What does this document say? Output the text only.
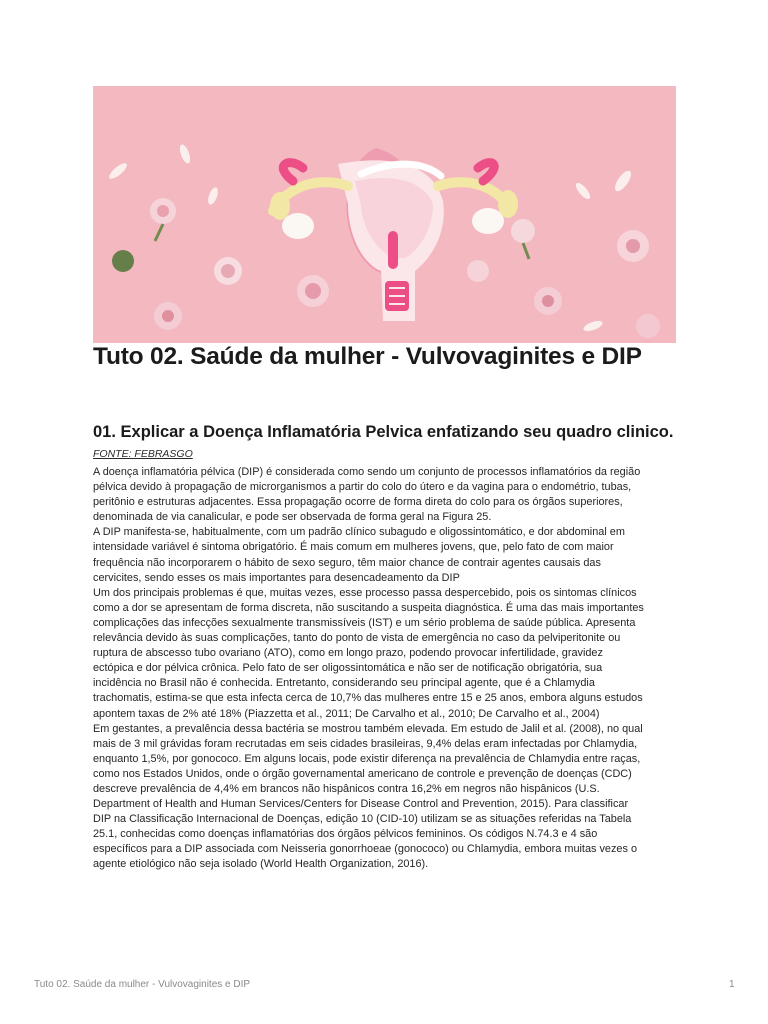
Tuto 02. Saúde da mulher - Vulvovaginites e DIP
01. Explicar a Doença Inflamatória Pelvica enfatizando seu quadro clinico.
FONTE: FEBRASGO
A doença inflamatória pélvica (DIP) é considerada como sendo um conjunto de processos inflamatórios da região
pélvica devido à propagação de microrganismos a partir do colo do útero e da vagina para o endométrio, tubas,
peritônio e estruturas adjacentes. Essa propagação ocorre de forma direta do colo para os órgãos superiores,
denominada de via canalicular, e pode ser observada de forma geral na Figura 25.
A DIP manifesta-se, habitualmente, com um padrão clínico subagudo e oligossintomático, e dor abdominal em
intensidade variável é sintoma obrigatório. É mais comum em mulheres jovens, que, pelo fato de com maior
frequência não incorporarem o hábito de sexo seguro, têm maior chance de contrair agentes causais das
cervicites, sendo esses os mais importantes para desencadeamento da DIP
Um dos principais problemas é que, muitas vezes, esse processo passa despercebido, pois os sintomas clínicos
como a dor se apresentam de forma discreta, não suscitando a suspeita diagnóstica. É uma das mais importantes
complicações das infecções sexualmente transmissíveis (IST) e um sério problema de saúde pública. Apresenta
relevância devido às suas complicações, tanto do ponto de vista de emergência no caso da pelviperitonite ou
ruptura de abscesso tubo ovariano (ATO), como em longo prazo, podendo provocar infertilidade, gravidez
ectópica e dor pélvica crônica. Pelo fato de ser oligossintomática e não ser de notificação obrigatória, sua
incidência no Brasil não é conhecida. Entretanto, considerando seu principal agente, que é a Chlamydia
trachomatis, estima-se que esta infecta cerca de 10,7% das mulheres entre 15 e 25 anos, embora alguns estudos
apontem taxas de 2% até 18% (Piazzetta et al., 2011; De Carvalho et al., 2010; De Carvalho et al., 2004)
Em gestantes, a prevalência dessa bactéria se mostrou também elevada. Em estudo de Jalil et al. (2008), no qual
mais de 3 mil grávidas foram recrutadas em seis cidades brasileiras, 9,4% delas eram infectadas por Chlamydia,
enquanto 1,5%, por gonococo. Em alguns locais, pode existir diferença na prevalência de Chlamydia entre raças,
como nos Estados Unidos, onde o órgão governamental americano de controle e prevenção de doenças (CDC)
descreve prevalência de 4,4% em brancos não hispânicos contra 16,2% em negros não hispânicos (U.S.
Department of Health and Human Services/Centers for Disease Control and Prevention, 2015). Para classificar
DIP na Classificação Internacional de Doenças, edição 10 (CID-10) utilizam se as situações referidas na Tabela
25.1, conhecidas como doenças inflamatórias dos órgãos pélvicos femininos. Os códigos N.74.3 e 4 são
específicos para a DIP associada com Neisseria gonorrhoeae (gonococo) ou Chlamydia, embora muitas vezes o
agente etiológico não seja isolado (World Health Organization, 2016).
Tuto 02. Saúde da mulher - Vulvovaginites e DIP	1
